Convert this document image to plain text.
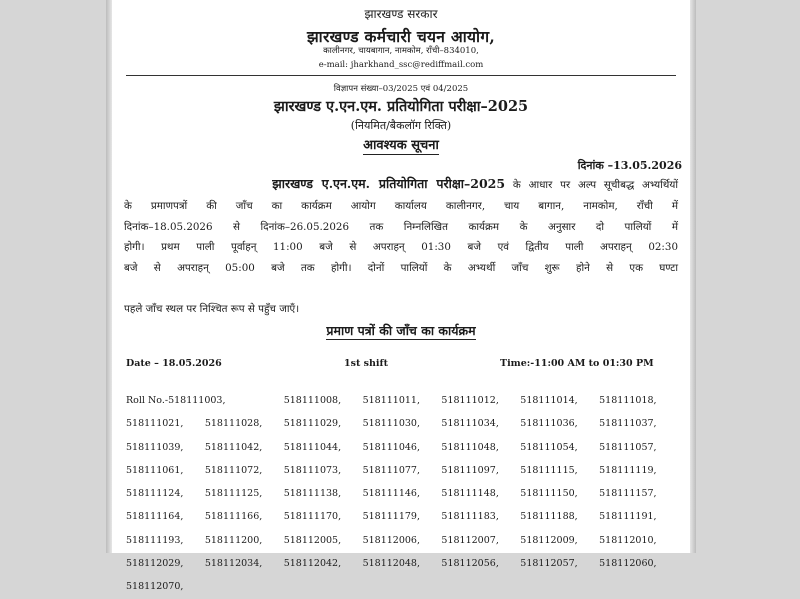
झारखण्ड सरकार
झारखण्ड कर्मचारी चयन आयोग,
कालीनगर, चायबागान, नामकोम, राँची–834010,
e-mail: jharkhand_ssc@rediffmail.com
विज्ञापन संख्या–03/2025 एवं 04/2025
झारखण्ड ए.एन.एम. प्रतियोगिता परीक्षा–2025
(नियमित/बैकलॉग रिक्ति)
आवश्यक सूचना
दिनांक –13.05.2026
झारखण्ड ए.एन.एम. प्रतियोगिता परीक्षा–2025 के आधार पर अल्प सूचीबद्ध अभ्यर्थियों
के प्रमाणपत्रों की जाँच का कार्यक्रम आयोग कार्यालय कालीनगर, चाय बागान, नामकोम, राँची में
दिनांक–18.05.2026 से दिनांक–26.05.2026 तक निम्नलिखित कार्यक्रम के अनुसार दो पालियों में
होगी। प्रथम पाली पूर्वाहन् 11:00 बजे से अपराहन् 01:30 बजे एवं द्वितीय पाली अपराहन् 02:30
बजे से अपराहन् 05:00 बजे तक होगी। दोनों पालियों के अभ्यर्थी जाँच शुरू होने से एक घण्टा
पहले जाँच स्थल पर निश्चित रूप से पहुँच जाएँ।
प्रमाण पत्रों की जाँच का कार्यक्रम
Date – 18.05.2026	1st shift	Time:-11:00 AM to 01:30 PM
Roll No.-518111003,	518111008,	518111011,	518111012,	518111014,	518111018,
518111021,	518111028,	518111029,	518111030,	518111034,	518111036,	518111037,
518111039,	518111042,	518111044,	518111046,	518111048,	518111054,	518111057,
518111061,	518111072,	518111073,	518111077,	518111097,	518111115,	518111119,
518111124,	518111125,	518111138,	518111146,	518111148,	518111150,	518111157,
518111164,	518111166,	518111170,	518111179,	518111183,	518111188,	518111191,
518111193,	518111200,	518112005,	518112006,	518112007,	518112009,	518112010,
518112029,	518112034,	518112042,	518112048,	518112056,	518112057,	518112060,
518112070,
